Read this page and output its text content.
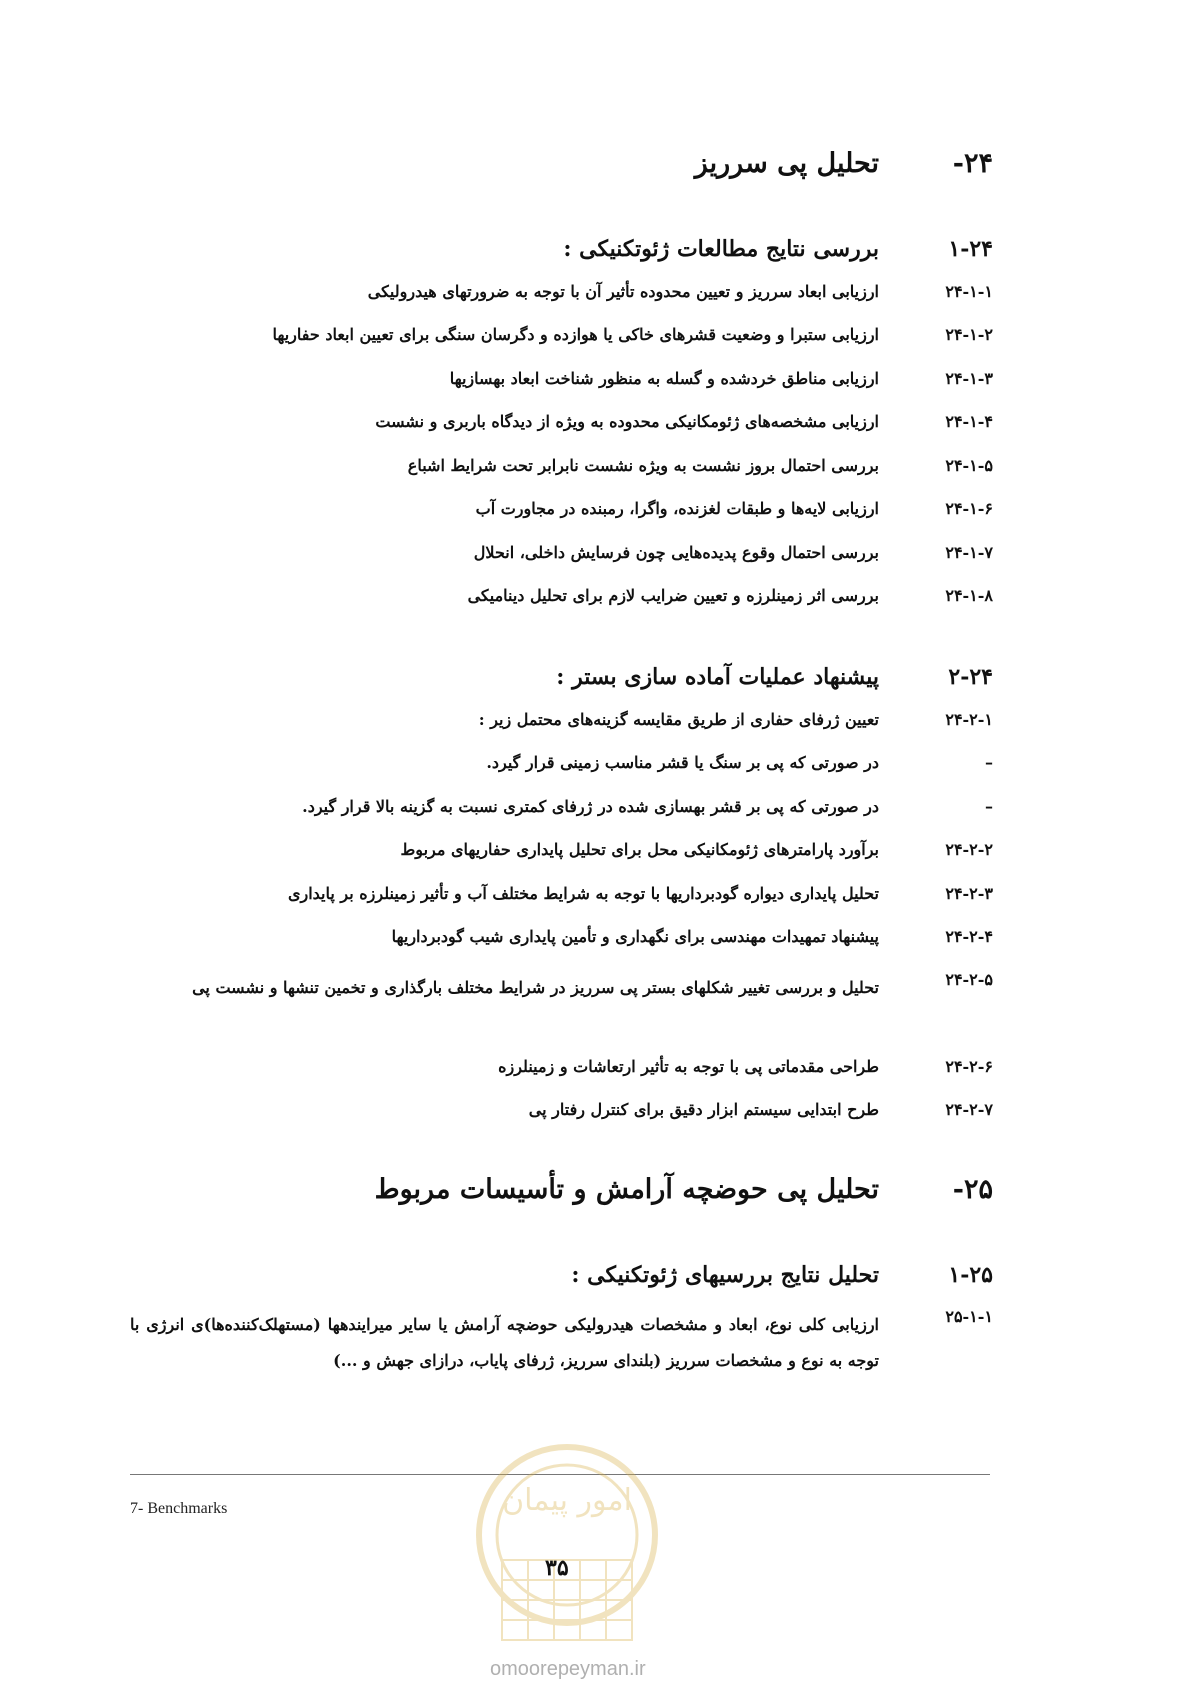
-۲۴
تحلیل پی سرریز
۱-۲۴
بررسی نتایج مطالعات ژئوتکنیکی :
۲۴-۱-۱
ارزیابی ابعاد سرریز و تعیین محدوده تأثیر آن با توجه به ضرورتهای هیدرولیکی
۲۴-۱-۲
ارزیابی ستبرا و وضعیت قشرهای خاکی یا هوازده و دگرسان سنگی برای تعیین ابعاد حفاریها
۲۴-۱-۳
ارزیابی مناطق خردشده و گسله به منظور شناخت ابعاد بهسازیها
۲۴-۱-۴
ارزیابی مشخصه‌های ژئومکانیکی محدوده به ویژه از دیدگاه باربری و نشست
۲۴-۱-۵
بررسی احتمال بروز نشست به ویژه نشست نابرابر تحت شرایط اشباع
۲۴-۱-۶
ارزیابی لایه‌ها و طبقات لغزنده، واگرا، رمبنده در مجاورت آب
۲۴-۱-۷
بررسی احتمال وقوع پدیده‌هایی چون فرسایش داخلی، انحلال
۲۴-۱-۸
بررسی اثر زمینلرزه و تعیین ضرایب لازم برای تحلیل دینامیکی
۲-۲۴
پیشنهاد عملیات آماده سازی بستر :
۲۴-۲-۱
تعیین ژرفای حفاری از طریق مقایسه گزینه‌های محتمل زیر :
–
در صورتی که پی بر سنگ یا قشر مناسب زمینی قرار گیرد.
–
در صورتی که پی بر قشر بهسازی شده در ژرفای کمتری نسبت به گزینه بالا قرار گیرد.
۲۴-۲-۲
برآورد پارامترهای ژئومکانیکی محل برای تحلیل پایداری حفاریهای مربوط
۲۴-۲-۳
تحلیل پایداری دیواره گودبرداریها با توجه به شرایط مختلف آب و تأثیر زمینلرزه بر پایداری
۲۴-۲-۴
پیشنهاد تمهیدات مهندسی برای نگهداری و تأمین پایداری شیب گودبرداریها
۲۴-۲-۵
تحلیل و بررسی تغییر شکلهای بستر پی سرریز در شرایط مختلف بارگذاری و تخمین تنشها و نشست پی
۲۴-۲-۶
طراحی مقدماتی پی با توجه به تأثیر ارتعاشات و زمینلرزه
۲۴-۲-۷
طرح ابتدایی سیستم ابزار دقیق برای کنترل رفتار پی
-۲۵
تحلیل پی حوضچه آرامش و تأسیسات مربوط
۱-۲۵
تحلیل نتایج بررسیهای ژئوتکنیکی :
۲۵-۱-۱
ارزیابی کلی نوع، ابعاد و مشخصات هیدرولیکی حوضچه آرامش یا سایر میرایندهها (مستهلک‌کننده‌ها)ی انرژی با توجه به نوع و مشخصات سرریز (بلندای سرریز، ژرفای پایاب، درازای جهش و ...)
7- Benchmarks	امور پیمان
۳۵
omoorepeyman.ir
